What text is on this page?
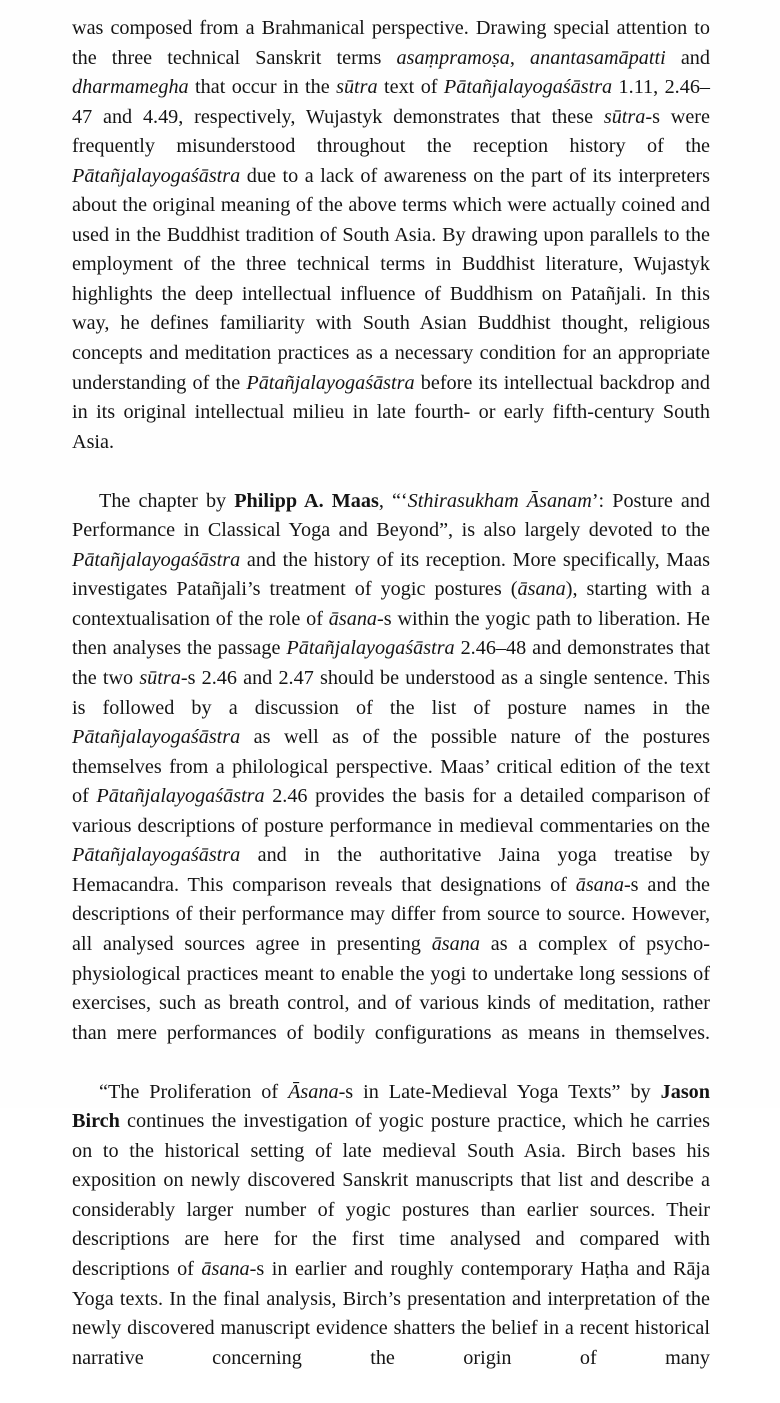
was composed from a Brahmanical perspective. Drawing special attention to the three technical Sanskrit terms asaṃpramoṣa, anantasamāpatti and dharmamegha that occur in the sūtra text of Pātañjalayogaśāstra 1.11, 2.46–47 and 4.49, respectively, Wujastyk demonstrates that these sūtra-s were frequently misunderstood throughout the reception history of the Pātañjalayogaśāstra due to a lack of awareness on the part of its interpreters about the original meaning of the above terms which were actually coined and used in the Buddhist tradition of South Asia. By drawing upon parallels to the employment of the three technical terms in Buddhist literature, Wujastyk highlights the deep intellectual influence of Buddhism on Patañjali. In this way, he defines familiarity with South Asian Buddhist thought, religious concepts and meditation practices as a necessary condition for an appropriate understanding of the Pātañjalayogaśāstra before its intellectual backdrop and in its original intellectual milieu in late fourth- or early fifth-century South Asia.

The chapter by Philipp A. Maas, “‘Sthirasukham Āsanam’: Posture and Performance in Classical Yoga and Beyond”, is also largely devoted to the Pātañjalayogaśāstra and the history of its reception. More specifically, Maas investigates Patañjali’s treatment of yogic postures (āsana), starting with a contextualisation of the role of āsana-s within the yogic path to liberation. He then analyses the passage Pātañjalayogaśāstra 2.46–48 and demonstrates that the two sūtra-s 2.46 and 2.47 should be understood as a single sentence. This is followed by a discussion of the list of posture names in the Pātañjalayogaśāstra as well as of the possible nature of the postures themselves from a philological perspective. Maas’ critical edition of the text of Pātañjalayogaśāstra 2.46 provides the basis for a detailed comparison of various descriptions of posture performance in medieval commentaries on the Pātañjalayogaśāstra and in the authoritative Jaina yoga treatise by Hemacandra. This comparison reveals that designations of āsana-s and the descriptions of their performance may differ from source to source. However, all analysed sources agree in presenting āsana as a complex of psycho-physiological practices meant to enable the yogi to undertake long sessions of exercises, such as breath control, and of various kinds of meditation, rather than mere performances of bodily configurations as means in themselves.

“The Proliferation of Āsana-s in Late-Medieval Yoga Texts” by Jason Birch continues the investigation of yogic posture practice, which he carries on to the historical setting of late medieval South Asia. Birch bases his exposition on newly discovered Sanskrit manuscripts that list and describe a considerably larger number of yogic postures than earlier sources. Their descriptions are here for the first time analysed and compared with descriptions of āsana-s in earlier and roughly contemporary Haṭha and Rāja Yoga texts. In the final analysis, Birch’s presentation and interpretation of the newly discovered manuscript evidence shatters the belief in a recent historical narrative concerning the origin of many
